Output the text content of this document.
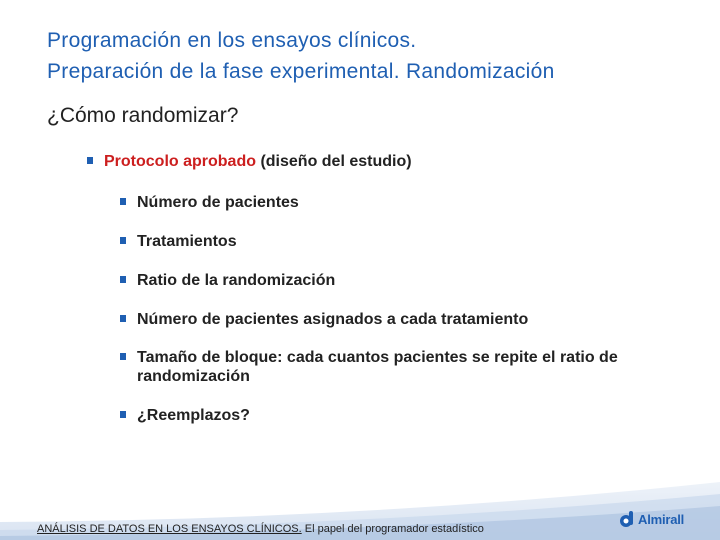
Programación en los ensayos clínicos.
Preparación de la fase experimental. Randomización
¿Cómo randomizar?
Protocolo aprobado (diseño del estudio)
Número de pacientes
Tratamientos
Ratio de la randomización
Número de pacientes asignados a cada tratamiento
Tamaño de bloque: cada cuantos pacientes se repite el ratio de randomización
¿Reemplazos?
ANÁLISIS DE DATOS EN LOS ENSAYOS CLÍNICOS. El papel del programador estadístico
Almirall
